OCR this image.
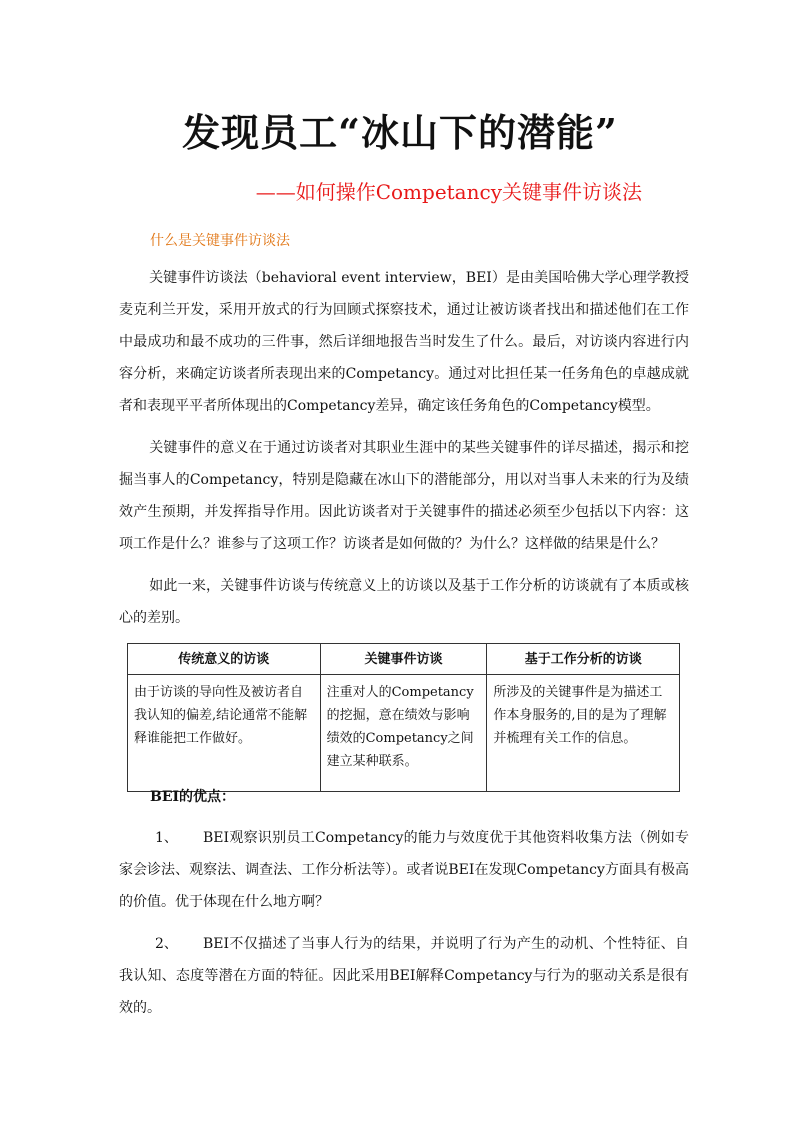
发现员工“冰山下的潜能”
——如何操作Competancy关键事件访谈法
什么是关键事件访谈法
关键事件访谈法（behavioral event interview，BEI）是由美国哈佛大学心理学教授麦克利兰开发，采用开放式的行为回顾式探察技术，通过让被访谈者找出和描述他们在工作中最成功和最不成功的三件事，然后详细地报告当时发生了什么。最后，对访谈内容进行内容分析，来确定访谈者所表现出来的Competancy。通过对比担任某一任务角色的卓越成就者和表现平平者所体现出的Competancy差异，确定该任务角色的Competancy模型。
关键事件的意义在于通过访谈者对其职业生涯中的某些关键事件的详尽描述，揭示和挖掘当事人的Competancy，特别是隐藏在冰山下的潜能部分，用以对当事人未来的行为及绩效产生预期，并发挥指导作用。因此访谈者对于关键事件的描述必须至少包括以下内容：这项工作是什么？谁参与了这项工作？访谈者是如何做的？为什么？这样做的结果是什么？
如此一来，关键事件访谈与传统意义上的访谈以及基于工作分析的访谈就有了本质或核心的差别。
传统意义的访谈	关键事件访谈	基于工作分析的访谈
由于访谈的导向性及被访者自我认知的偏差,结论通常不能解释谁能把工作做好。	注重对人的Competancy的挖掘，意在绩效与影响绩效的Competancy之间建立某种联系。	所涉及的关键事件是为描述工作本身服务的,目的是为了理解并梳理有关工作的信息。
BEI的优点：
1、 BEI观察识别员工Competancy的能力与效度优于其他资料收集方法（例如专家会诊法、观察法、调查法、工作分析法等）。或者说BEI在发现Competancy方面具有极高的价值。优于体现在什么地方啊？
2、 BEI不仅描述了当事人行为的结果，并说明了行为产生的动机、个性特征、自我认知、态度等潜在方面的特征。因此采用BEI解释Competancy与行为的驱动关系是很有效的。
